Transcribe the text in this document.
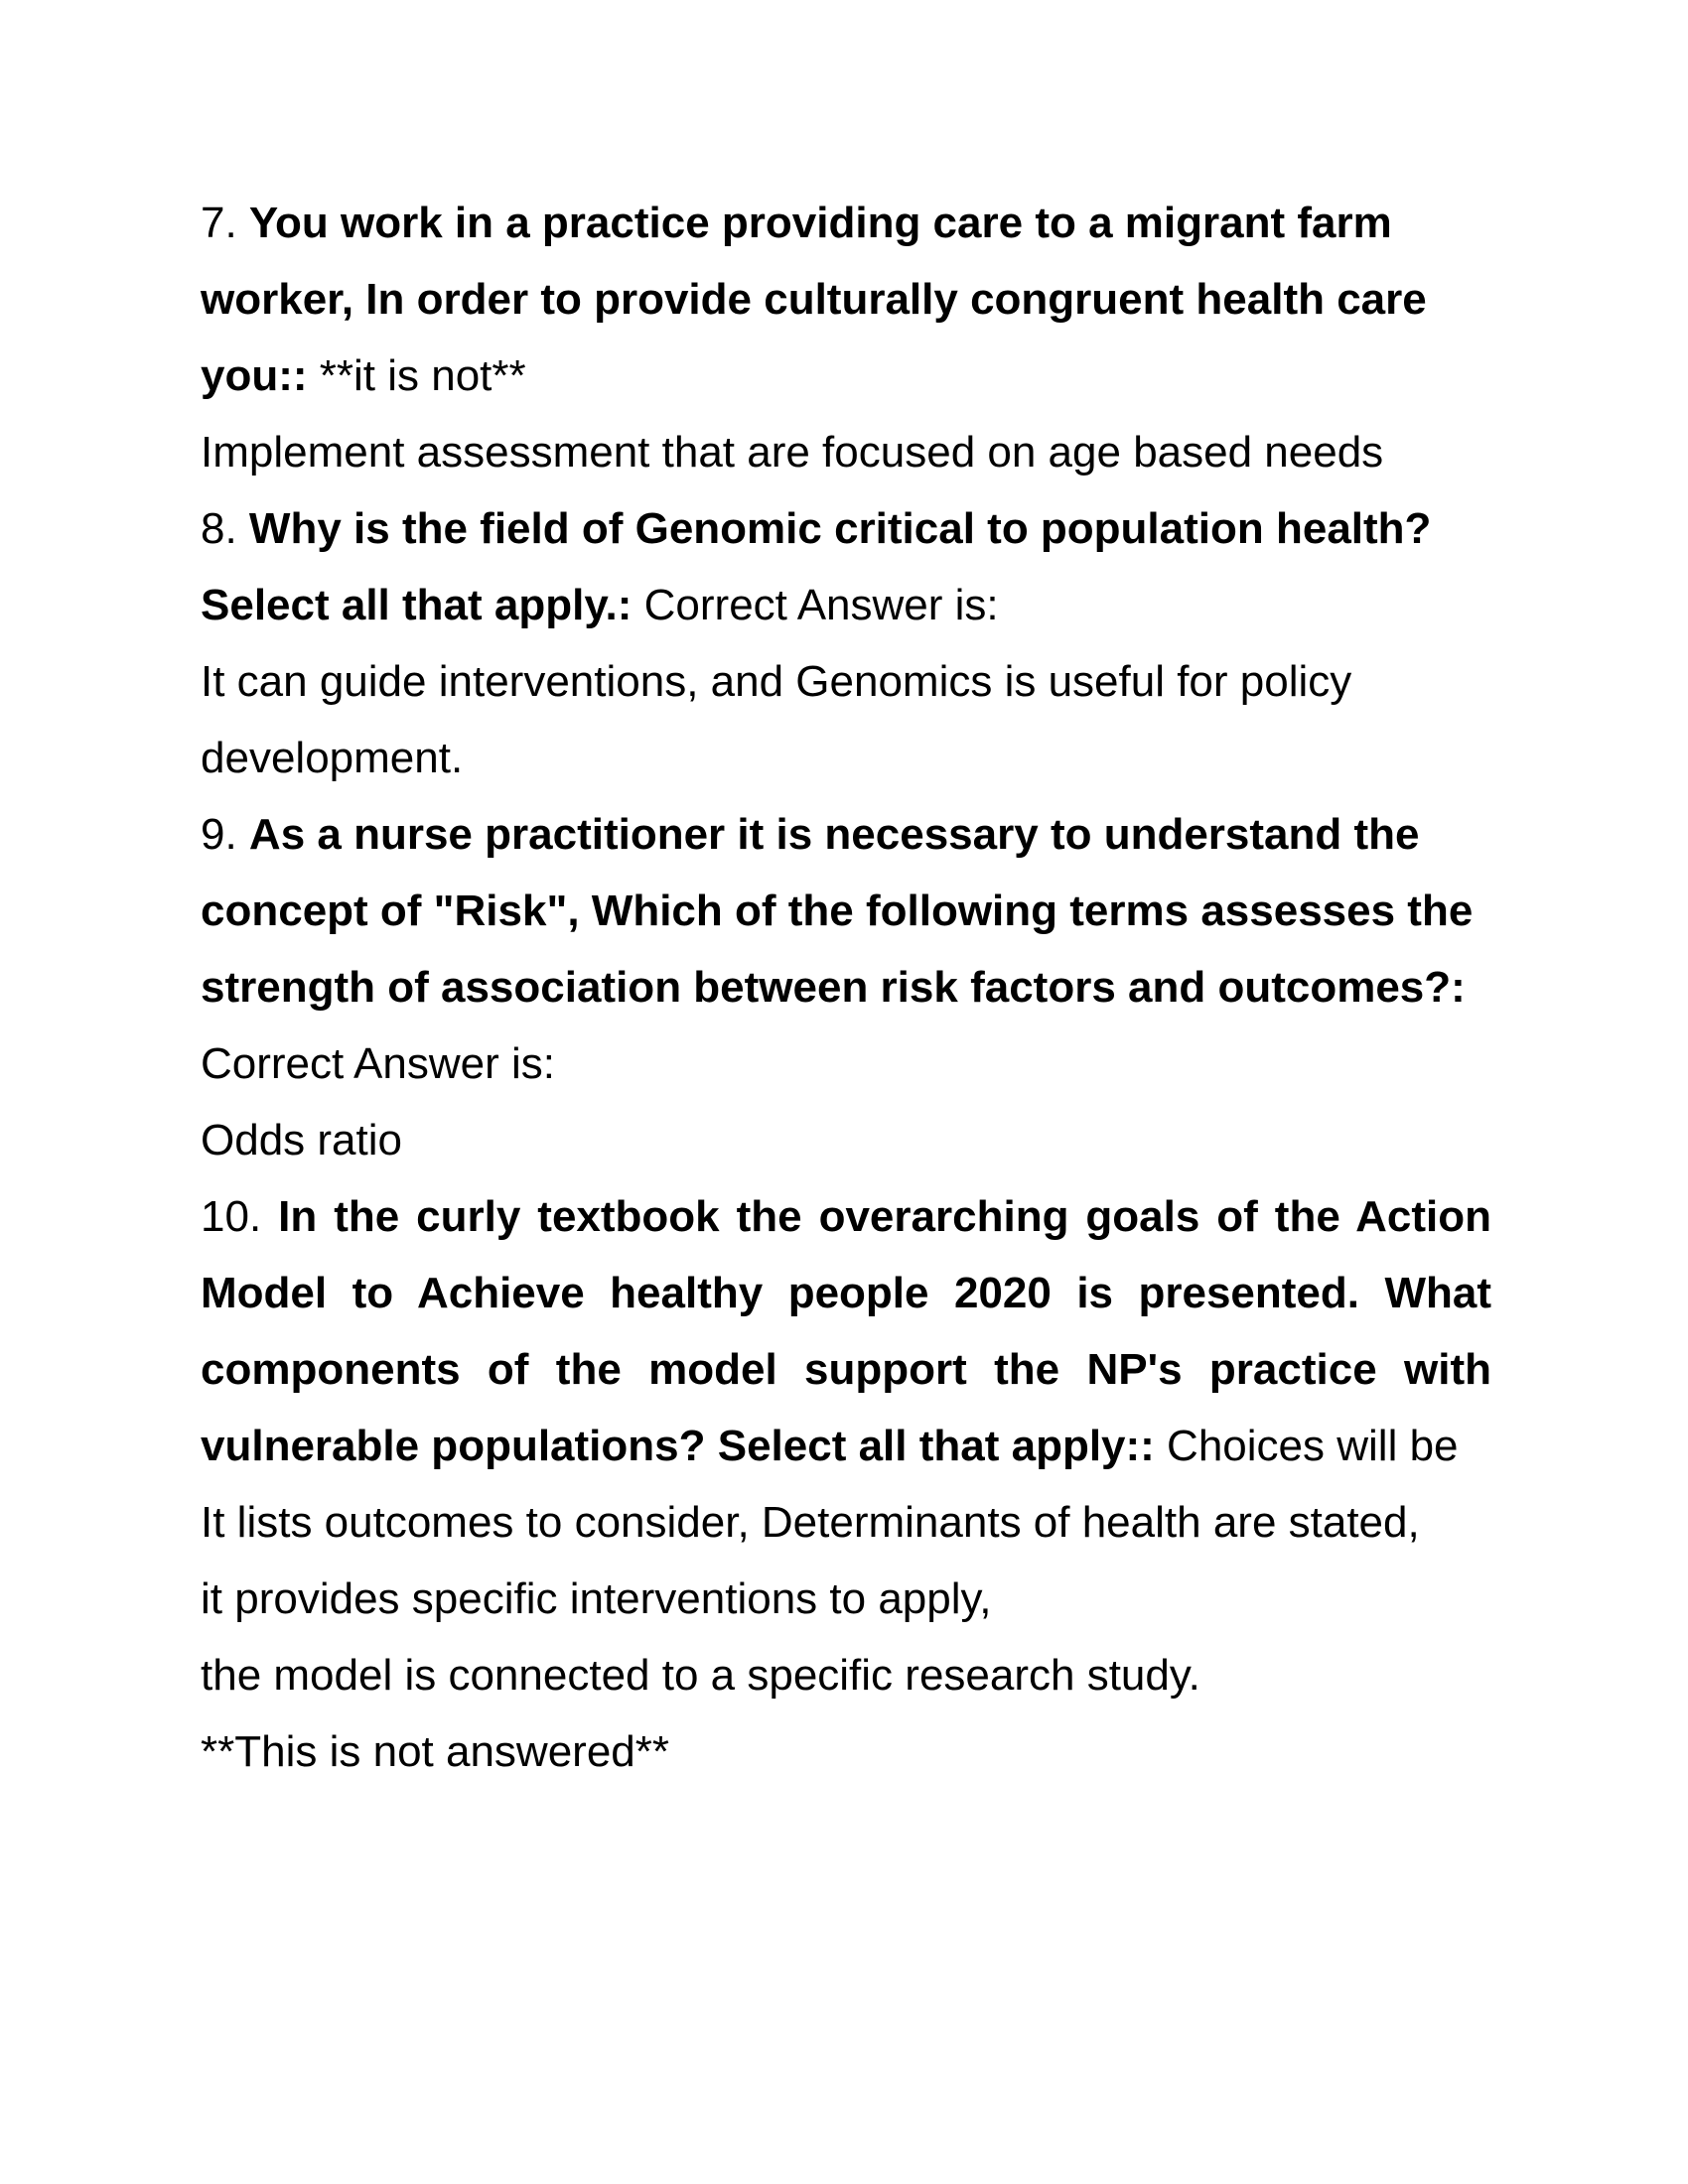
7. You work in a practice providing care to a migrant farm
worker, In order to provide culturally congruent health care
you:: **it is not**
Implement assessment that are focused on age based needs
8. Why is the field of Genomic critical to population health?
Select all that apply.: Correct Answer is:
It can guide interventions, and Genomics is useful for policy
development.
9. As a nurse practitioner it is necessary to understand the
concept of "Risk", Which of the following terms assesses the
strength of association between risk factors and outcomes?:
Correct Answer is:
Odds ratio
10. In the curly textbook the overarching goals of the Action
Model to Achieve healthy people 2020 is presented. What
components of the model support the NP's practice with
vulnerable populations? Select all that apply:: Choices will be
It lists outcomes to consider, Determinants of health are stated,
it provides specific interventions to apply,
the model is connected to a specific research study.
**This is not answered**
